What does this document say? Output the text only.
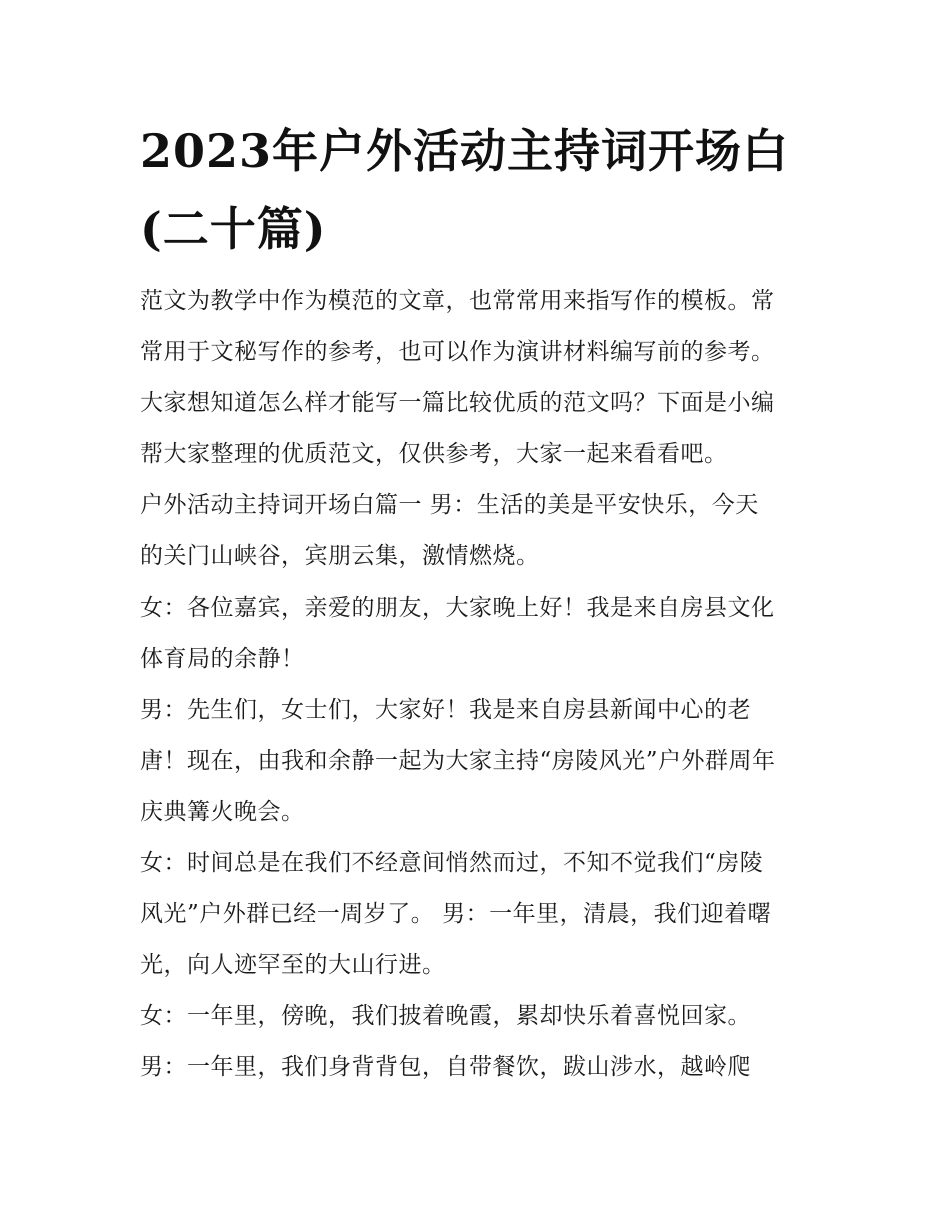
2023年户外活动主持词开场白
(二十篇)
范文为教学中作为模范的文章，也常常用来指写作的模板。常
常用于文秘写作的参考，也可以作为演讲材料编写前的参考。
大家想知道怎么样才能写一篇比较优质的范文吗？下面是小编
帮大家整理的优质范文，仅供参考，大家一起来看看吧。
户外活动主持词开场白篇一 男：生活的美是平安快乐，今天
的关门山峡谷，宾朋云集，激情燃烧。
女：各位嘉宾，亲爱的朋友，大家晚上好！我是来自房县文化
体育局的余静！
男：先生们，女士们，大家好！我是来自房县新闻中心的老
唐！现在，由我和余静一起为大家主持“房陵风光”户外群周年
庆典篝火晚会。
女：时间总是在我们不经意间悄然而过，不知不觉我们“房陵
风光”户外群已经一周岁了。 男：一年里，清晨，我们迎着曙
光，向人迹罕至的大山行进。
女：一年里，傍晚，我们披着晚霞，累却快乐着喜悦回家。
男：一年里，我们身背背包，自带餐饮，跋山涉水，越岭爬
